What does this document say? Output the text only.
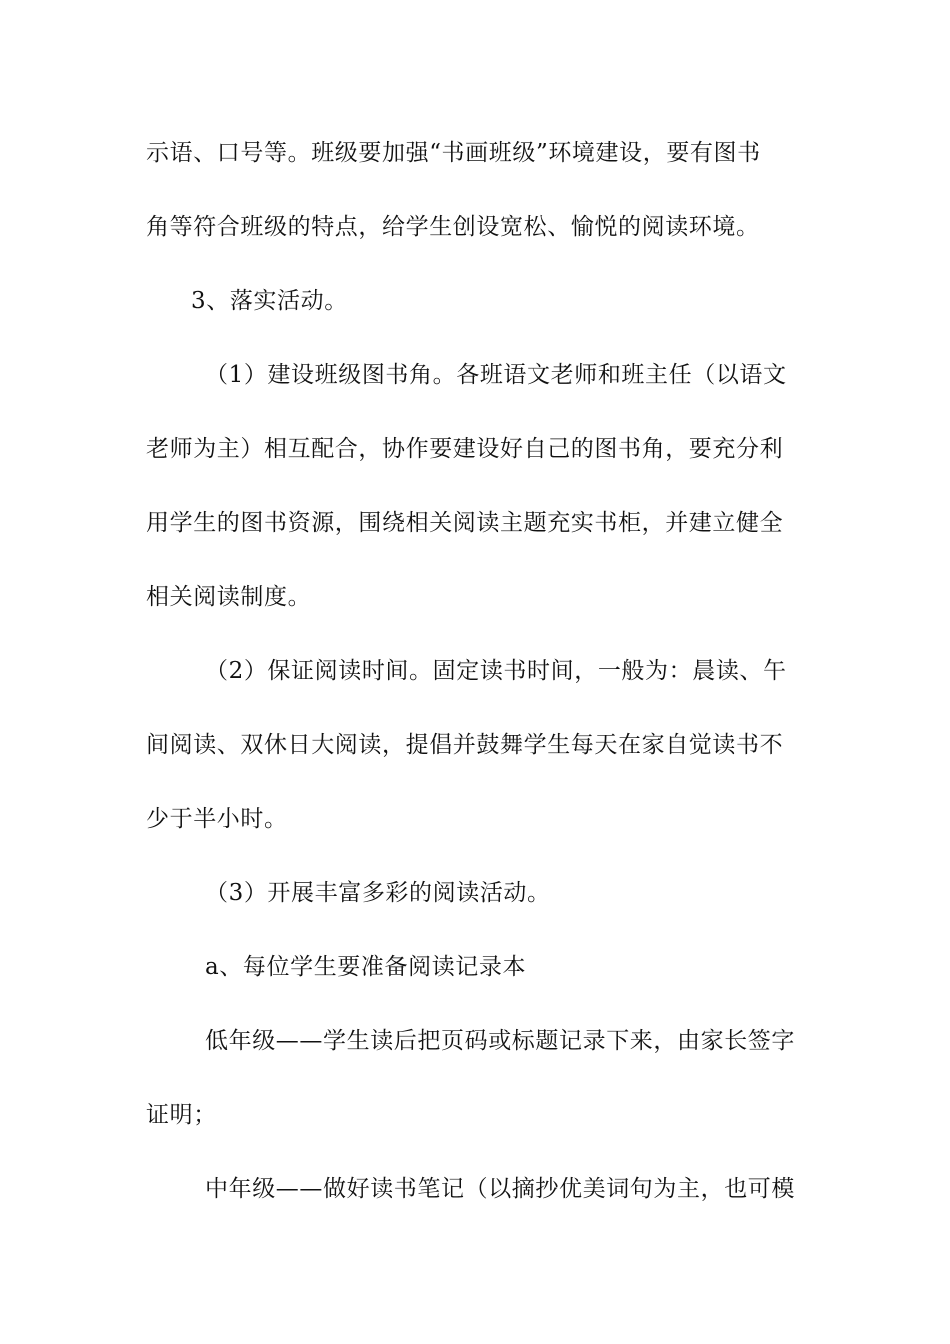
示语、口号等。班级要加强“书画班级”环境建设，要有图书
角等符合班级的特点，给学生创设宽松、愉悦的阅读环境。
3、落实活动。
（1）建设班级图书角。各班语文老师和班主任（以语文
老师为主）相互配合，协作要建设好自己的图书角，要充分利
用学生的图书资源，围绕相关阅读主题充实书柜，并建立健全
相关阅读制度。
（2）保证阅读时间。固定读书时间，一般为：晨读、午
间阅读、双休日大阅读，提倡并鼓舞学生每天在家自觉读书不
少于半小时。
（3）开展丰富多彩的阅读活动。
a、每位学生要准备阅读记录本
低年级——学生读后把页码或标题记录下来，由家长签字
证明；
中年级——做好读书笔记（以摘抄优美词句为主，也可模
